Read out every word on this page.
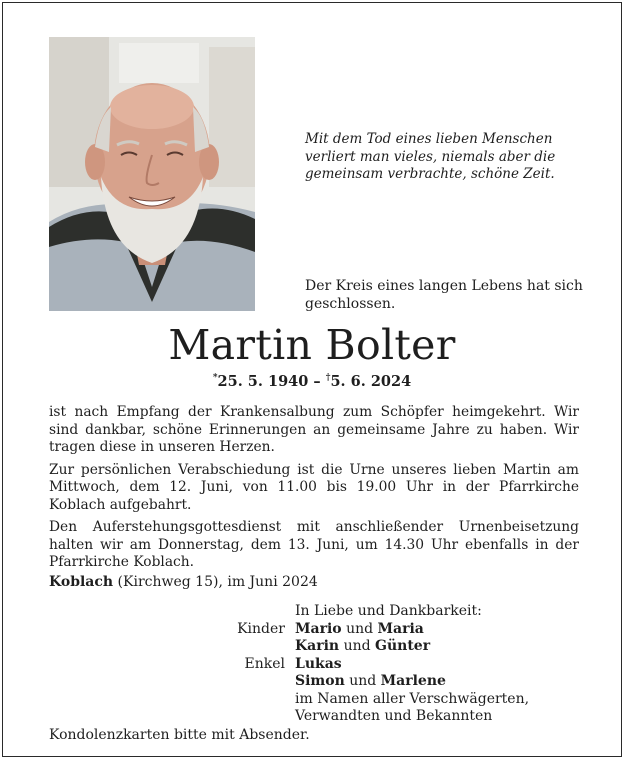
Mit dem Tod eines lieben Menschen
verliert man vieles, niemals aber die
gemeinsam verbrachte, schöne Zeit.
Der Kreis eines langen Lebens hat sich
geschlossen.
Martin Bolter
*25. 5. 1940 – †5. 6. 2024

ist nach Empfang der Krankensalbung zum Schöpfer heimgekehrt. Wir sind dankbar, schöne Erinnerungen an gemeinsame Jahre zu haben. Wir tragen diese in unseren Herzen.

Zur persönlichen Verabschiedung ist die Urne unseres lieben Martin am Mittwoch, dem 12. Juni, von 11.00 bis 19.00 Uhr in der Pfarrkirche Koblach aufgebahrt.

Den Auferstehungsgottesdienst mit anschließender Urnenbeisetzung halten wir am Donnerstag, dem 13. Juni, um 14.30 Uhr ebenfalls in der Pfarrkirche Koblach.

Koblach (Kirchweg 15), im Juni 2024
In Liebe und Dankbarkeit:
Kinder Mario und Maria
Karin und Günter
Enkel Lukas
Simon und Marlene
im Namen aller Verschwägerten,
Verwandten und Bekannten
Kondolenzkarten bitte mit Absender.
